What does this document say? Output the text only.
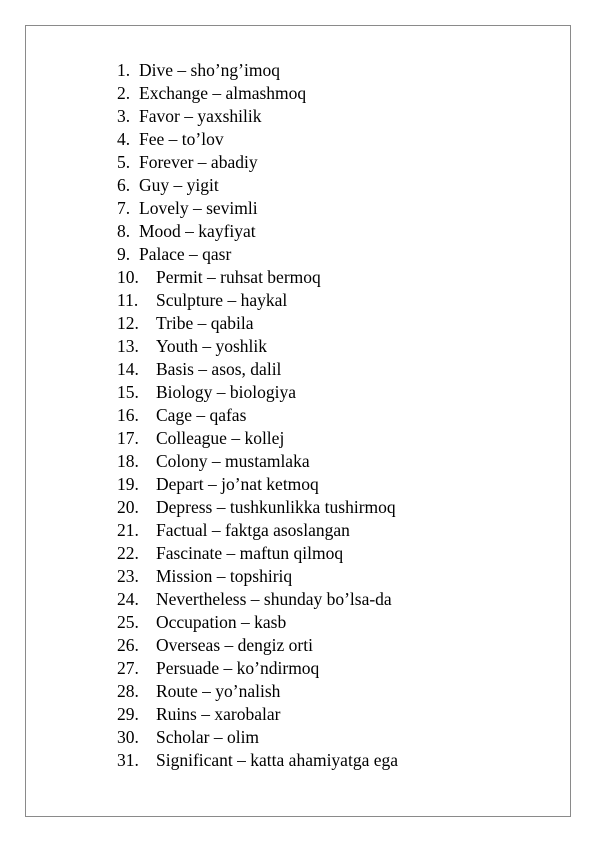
1. Dive – sho’ng’imoq
2. Exchange – almashmoq
3. Favor – yaxshilik
4. Fee – to’lov
5. Forever – abadiy
6. Guy – yigit
7. Lovely – sevimli
8. Mood – kayfiyat
9. Palace – qasr
10. Permit – ruhsat bermoq
11.	Sculpture – haykal
12. Tribe – qabila
13. Youth – yoshlik
14. Basis – asos, dalil
15. Biology – biologiya
16. Cage – qafas
17. Colleague – kollej
18. Colony – mustamlaka
19. Depart – jo’nat ketmoq
20. Depress – tushkunlikka tushirmoq
21. Factual – faktga asoslangan
22. Fascinate – maftun qilmoq
23. Mission – topshiriq
24. Nevertheless – shunday bo’lsa-da
25. Occupation – kasb
26. Overseas – dengiz orti
27. Persuade – ko’ndirmoq
28. Route – yo’nalish
29. Ruins – xarobalar
30. Scholar – olim
31. Significant – katta ahamiyatga ega
